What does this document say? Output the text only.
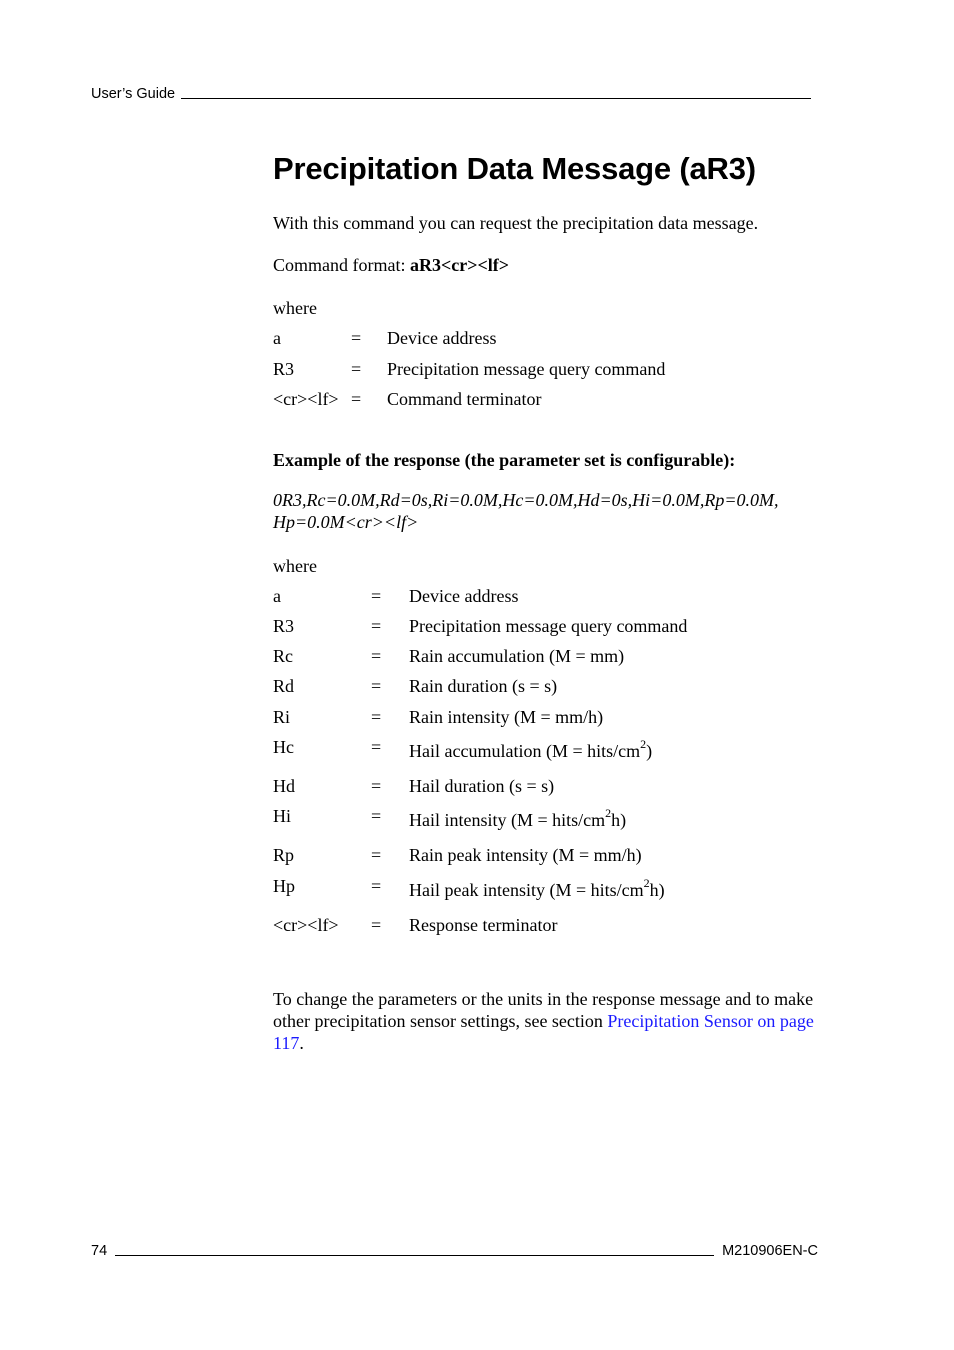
User’s Guide
Precipitation Data Message (aR3)

With this command you can request the precipitation data message.

Command format: aR3<cr><lf>

where

a	=	Device address
R3	=	Precipitation message query command
<cr><lf>	=	Command terminator

Example of the response (the parameter set is configurable):

0R3,Rc=0.0M,Rd=0s,Ri=0.0M,Hc=0.0M,Hd=0s,Hi=0.0M,Rp=0.0M,
Hp=0.0M<cr><lf>

where

a	=	Device address
R3	=	Precipitation message query command
Rc	=	Rain accumulation (M = mm)
Rd	=	Rain duration (s = s)
Ri	=	Rain intensity (M = mm/h)
Hc	=	Hail accumulation (M = hits/$cm^2$)
Hd	=	Hail duration (s = s)
Hi	=	Hail intensity (M = hits/$cm^2h$)
Rp	=	Rain peak intensity (M = mm/h)
Hp	=	Hail peak intensity (M = hits/$cm^2h$)
<cr><lf>	=	Response terminator

To change the parameters or the units in the response message and to make other precipitation sensor settings, see section Precipitation Sensor on page 117.

74	M210906EN-C
